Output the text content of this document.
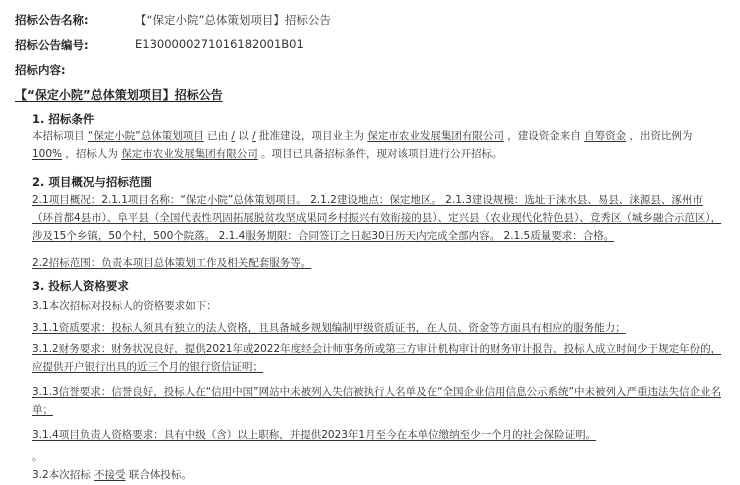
招标公告名称:	【“保定小院”总体策划项目】招标公告
招标公告编号:	E1300000271016182001B01
招标内容:
【“保定小院”总体策划项目】招标公告
1. 招标条件
本招标项目 “保定小院”总体策划项目 已由 / 以 / 批准建设，项目业主为 保定市农业发展集团有限公司 ，建设资金来自 自筹资金 ，出资比例为 100% ，招标人为 保定市农业发展集团有限公司 。项目已具备招标条件，现对该项目进行公开招标。
2. 项目概况与招标范围
2.1项目概况：2.1.1项目名称：“保定小院”总体策划项目。 2.1.2建设地点：保定地区。 2.1.3建设规模：选址于涞水县、易县、涞源县、涿州市（环首都4县市）、阜平县（全国代表性巩固拓展脱贫攻坚成果同乡村振兴有效衔接的县）、定兴县（农业现代化特色县）、竞秀区（城乡融合示范区），涉及15个乡镇，50个村，500个院落。 2.1.4服务期限：合同签订之日起30日历天内完成全部内容。 2.1.5质量要求：合格。
2.2招标范围：负责本项目总体策划工作及相关配套服务等。
3. 投标人资格要求
3.1本次招标对投标人的资格要求如下：
3.1.1资质要求：投标人须具有独立的法人资格，且具备城乡规划编制甲级资质证书，在人员、资金等方面具有相应的服务能力；
3.1.2财务要求：财务状况良好，提供2021年或2022年度经会计师事务所或第三方审计机构审计的财务审计报告，投标人成立时间少于规定年份的，应提供开户银行出具的近三个月的银行资信证明；
3.1.3信誉要求：信誉良好，投标人在“信用中国”网站中未被列入失信被执行人名单及在“全国企业信用信息公示系统”中未被列入严重违法失信企业名单；
3.1.4项目负责人资格要求：具有中级（含）以上职称，并提供2023年1月至今在本单位缴纳至少一个月的社会保险证明。
。
3.2本次招标 不接受 联合体投标。
